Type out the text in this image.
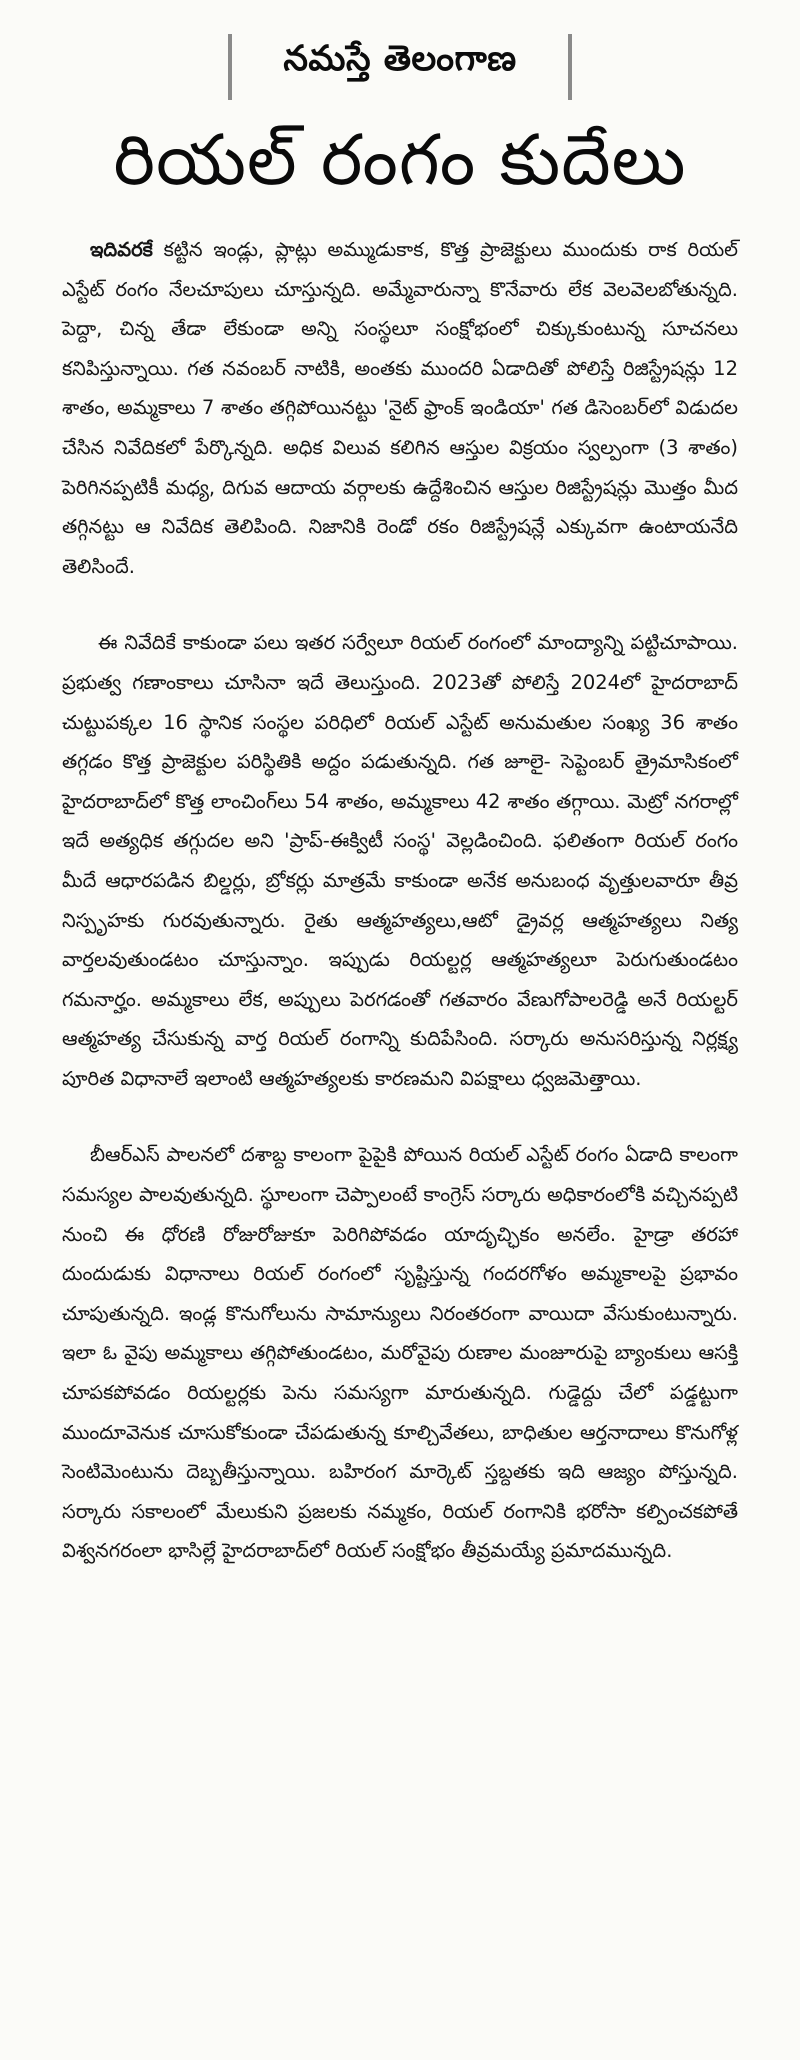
నమస్తే తెలంగాణ
రియల్ రంగం కుదేలు

ఇదివరకే కట్టిన ఇండ్లు, ప్లాట్లు అమ్ముడుకాక, కొత్త ప్రాజెక్టులు ముందుకు రాక రియల్ ఎస్టేట్ రంగం నేలచూపులు చూస్తున్నది. అమ్మేవారున్నా కొనేవారు లేక వెలవెలబోతున్నది. పెద్దా, చిన్న తేడా లేకుండా అన్ని సంస్థలూ సంక్షోభంలో చిక్కుకుంటున్న సూచనలు కనిపిస్తున్నాయి. గత నవంబర్ నాటికి, అంతకు ముందరి ఏడాదితో పోలిస్తే రిజిస్ట్రేషన్లు 12 శాతం, అమ్మకాలు 7 శాతం తగ్గిపోయినట్టు 'నైట్ ఫ్రాంక్ ఇండియా' గత డిసెంబర్‌లో విడుదల చేసిన నివేదికలో పేర్కొన్నది. అధిక విలువ కలిగిన ఆస్తుల విక్రయం స్వల్పంగా (3 శాతం) పెరిగినప్పటికీ మధ్య, దిగువ ఆదాయ వర్గాలకు ఉద్దేశించిన ఆస్తుల రిజిస్ట్రేషన్లు మొత్తం మీద తగ్గినట్టు ఆ నివేదిక తెలిపింది. నిజానికి రెండో రకం రిజిస్ట్రేషన్లే ఎక్కువగా ఉంటాయనేది తెలిసిందే.

ఈ నివేదికే కాకుండా పలు ఇతర సర్వేలూ రియల్ రంగంలో మాంద్యాన్ని పట్టిచూపాయి. ప్రభుత్వ గణాంకాలు చూసినా ఇదే తెలుస్తుంది. 2023తో పోలిస్తే 2024లో హైదరాబాద్ చుట్టుపక్కల 16 స్థానిక సంస్థల పరిధిలో రియల్ ఎస్టేట్ అనుమతుల సంఖ్య 36 శాతం తగ్గడం కొత్త ప్రాజెక్టుల పరిస్థితికి అద్దం పడుతున్నది. గత జూలై- సెప్టెంబర్ త్రైమాసికంలో హైదరాబాద్‌లో కొత్త లాంచింగ్‌లు 54 శాతం, అమ్మకాలు 42 శాతం తగ్గాయి. మెట్రో నగరాల్లో ఇదే అత్యధిక తగ్గుదల అని 'ప్రాప్-ఈక్విటీ సంస్థ' వెల్లడించింది. ఫలితంగా రియల్ రంగం మీదే ఆధారపడిన బిల్డర్లు, బ్రోకర్లు మాత్రమే కాకుండా అనేక అనుబంధ వృత్తులవారూ తీవ్ర నిస్పృహకు గురవుతున్నారు. రైతు ఆత్మహత్యలు,ఆటో డ్రైవర్ల ఆత్మహత్యలు నిత్య వార్తలవుతుండటం చూస్తున్నాం. ఇప్పుడు రియల్టర్ల ఆత్మహత్యలూ పెరుగుతుండటం గమనార్హం. అమ్మకాలు లేక, అప్పులు పెరగడంతో గతవారం వేణుగోపాలరెడ్డి అనే రియల్టర్ ఆత్మహత్య చేసుకున్న వార్త రియల్ రంగాన్ని కుదిపేసింది. సర్కారు అనుసరిస్తున్న నిర్లక్ష్య పూరిత విధానాలే ఇలాంటి ఆత్మహత్యలకు కారణమని విపక్షాలు ధ్వజమెత్తాయి.

బీఆర్ఎస్ పాలనలో దశాబ్ద కాలంగా పైపైకి పోయిన రియల్ ఎస్టేట్ రంగం ఏడాది కాలంగా సమస్యల పాలవుతున్నది. స్థూలంగా చెప్పాలంటే కాంగ్రెస్ సర్కారు అధికారంలోకి వచ్చినప్పటి నుంచి ఈ ధోరణి రోజురోజుకూ పెరిగిపోవడం యాదృచ్ఛికం అనలేం. హైడ్రా తరహా దుందుడుకు విధానాలు రియల్ రంగంలో సృష్టిస్తున్న గందరగోళం అమ్మకాలపై ప్రభావం చూపుతున్నది. ఇండ్ల కొనుగోలును సామాన్యులు నిరంతరంగా వాయిదా వేసుకుంటున్నారు. ఇలా ఓ వైపు అమ్మకాలు తగ్గిపోతుండటం, మరోవైపు రుణాల మంజూరుపై బ్యాంకులు ఆసక్తి చూపకపోవడం రియల్టర్లకు పెను సమస్యగా మారుతున్నది. గుడ్డెద్దు చేలో పడ్డట్టుగా ముందూవెనుక చూసుకోకుండా చేపడుతున్న కూల్చివేతలు, బాధితుల ఆర్తనాదాలు కొనుగోళ్ల సెంటిమెంటును దెబ్బతీస్తున్నాయి. బహిరంగ మార్కెట్ స్తబ్దతకు ఇది ఆజ్యం పోస్తున్నది. సర్కారు సకాలంలో మేలుకుని ప్రజలకు నమ్మకం, రియల్ రంగానికి భరోసా కల్పించకపోతే విశ్వనగరంలా భాసిల్లే హైదరాబాద్‌లో రియల్ సంక్షోభం తీవ్రమయ్యే ప్రమాదమున్నది.
